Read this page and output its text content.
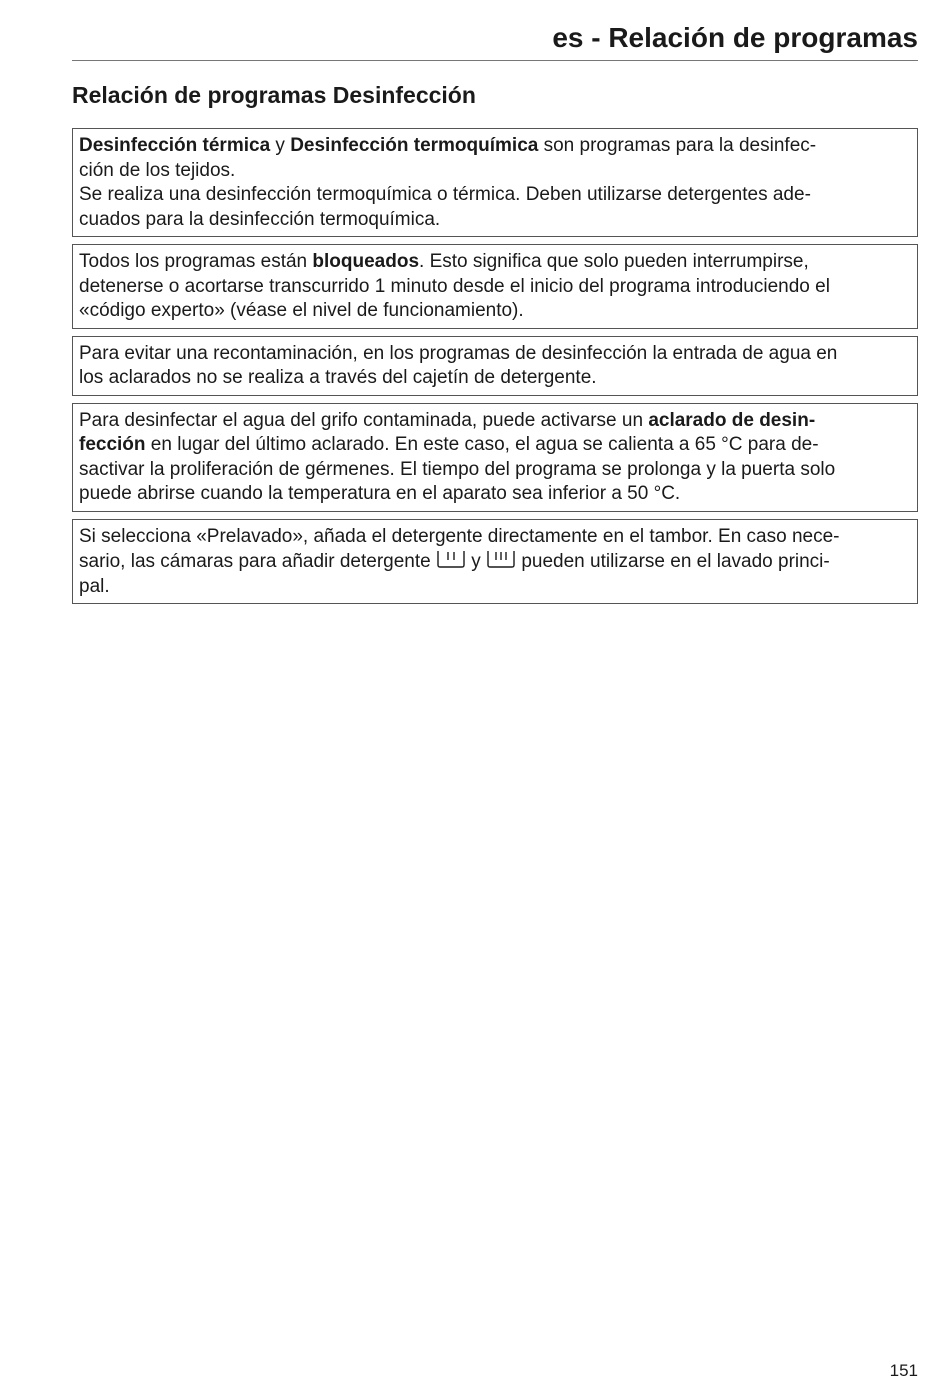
es - Relación de programas
Relación de programas Desinfección
Desinfección térmica y Desinfección termoquímica son programas para la desinfec-
ción de los tejidos.
Se realiza una desinfección termoquímica o térmica. Deben utilizarse detergentes ade-
cuados para la desinfección termoquímica.
Todos los programas están bloqueados. Esto significa que solo pueden interrumpirse,
detenerse o acortarse transcurrido 1 minuto desde el inicio del programa introduciendo el
«código experto» (véase el nivel de funcionamiento).
Para evitar una recontaminación, en los programas de desinfección la entrada de agua en
los aclarados no se realiza a través del cajetín de detergente.
Para desinfectar el agua del grifo contaminada, puede activarse un aclarado de desin-
fección en lugar del último aclarado. En este caso, el agua se calienta a 65 °C para de-
sactivar la proliferación de gérmenes. El tiempo del programa se prolonga y la puerta solo
puede abrirse cuando la temperatura en el aparato sea inferior a 50 °C.
Si selecciona «Prelavado», añada el detergente directamente en el tambor. En caso nece-
sario, las cámaras para añadir detergente  y  pueden utilizarse en el lavado princi-
pal.
151
